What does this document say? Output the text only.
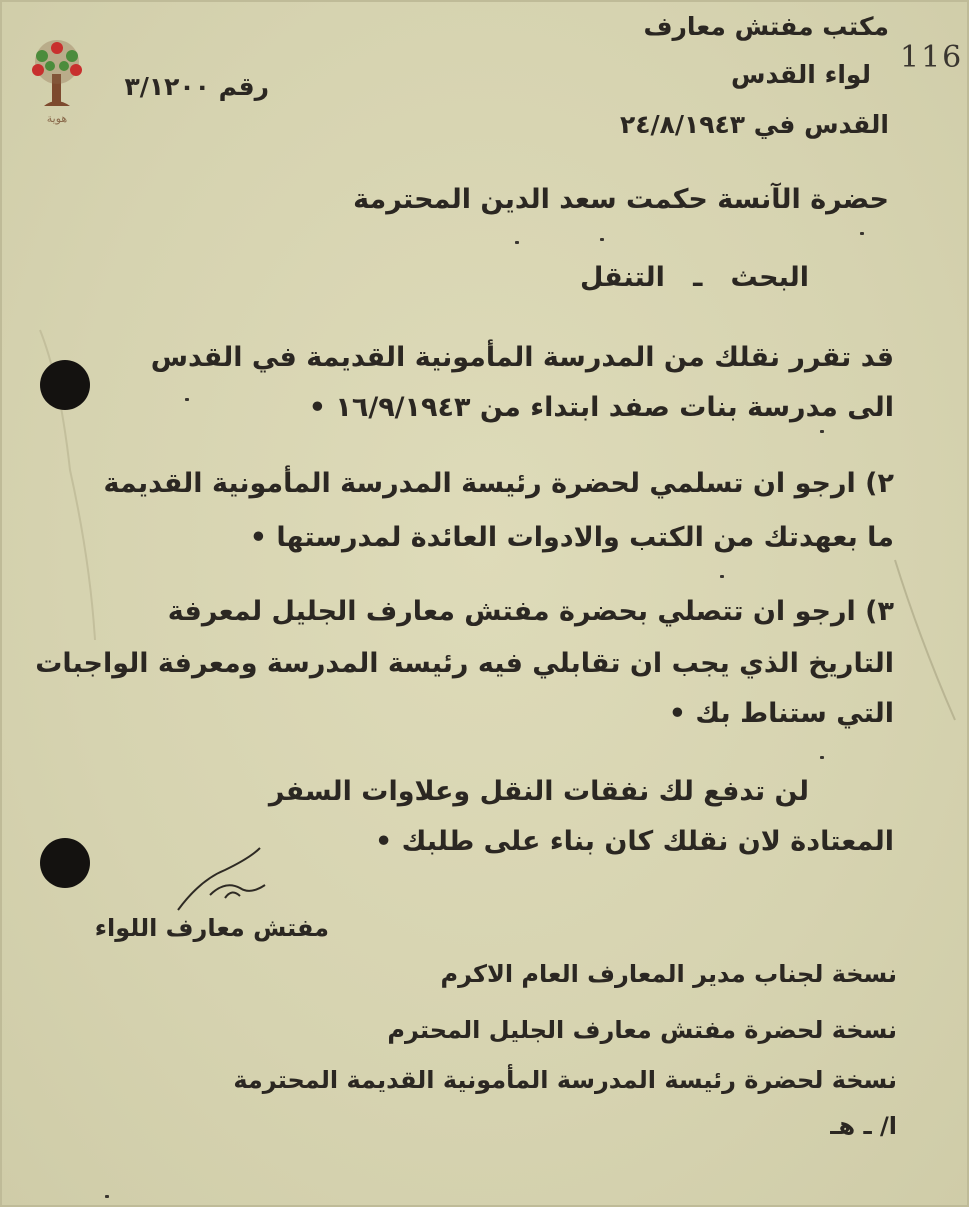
هوية
116
مكتب مفتش معارف
لواء القدس
القدس في ٢٤/٨/١٩٤٣
رقم ٣/١٢٠٠
حضرة الآنسة حكمت سعد الدين المحترمة
البحث   ـ   التنقل
قد تقرر نقلك من المدرسة المأمونية القديمة في القدس
الى مدرسة بنات صفد ابتداء من ١٦/٩/١٩٤٣ •
٢) ارجو ان تسلمي لحضرة رئيسة المدرسة المأمونية القديمة
ما بعهدتك من الكتب والادوات العائدة لمدرستها •
٣) ارجو ان تتصلي بحضرة مفتش معارف الجليل لمعرفة
التاريخ الذي يجب ان تقابلي فيه رئيسة المدرسة ومعرفة الواجبات
التي ستناط بك •
لن تدفع لك نفقات النقل وعلاوات السفر
المعتادة لان نقلك كان بناء على طلبك •
مفتش معارف اللواء
نسخة لجناب مدير المعارف العام الاكرم
نسخة لحضرة مفتش معارف الجليل المحترم
نسخة لحضرة رئيسة المدرسة المأمونية القديمة المحترمة
ا/ ـ هـ
